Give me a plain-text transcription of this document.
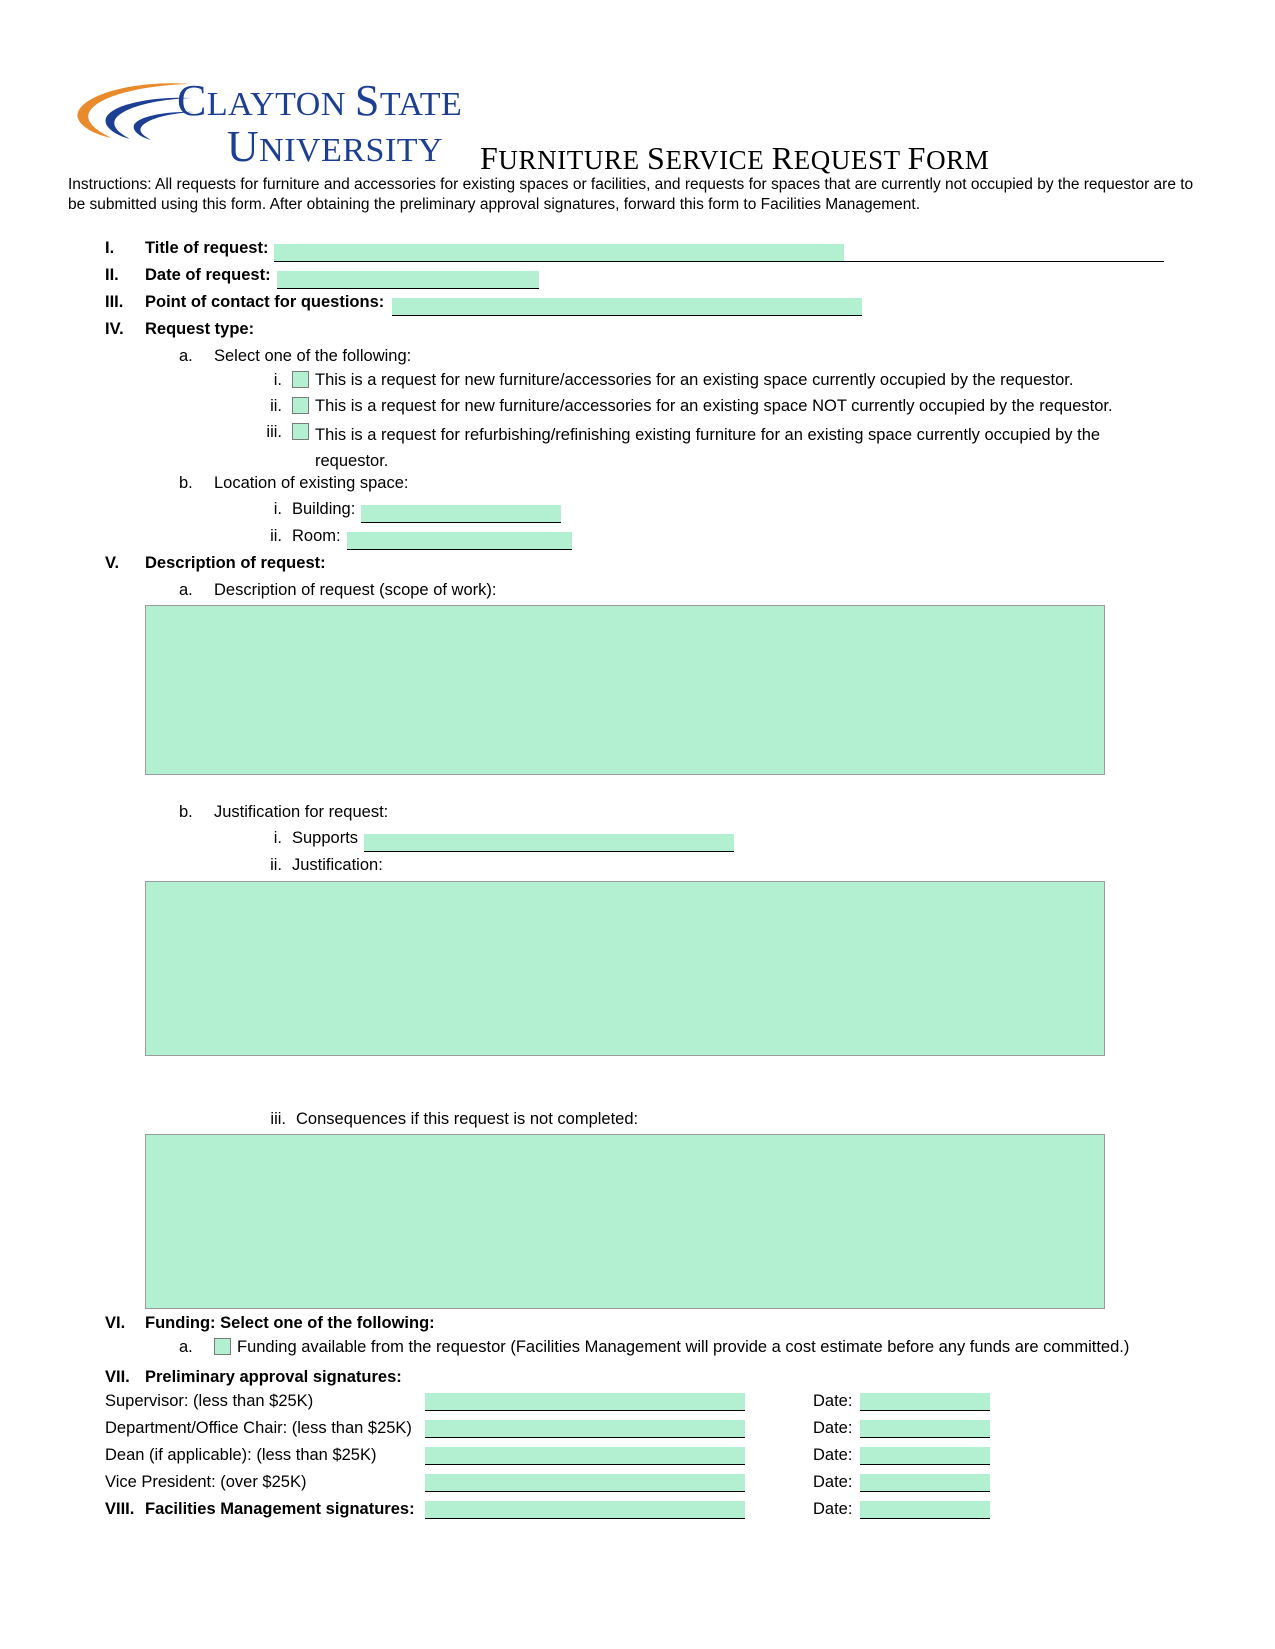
CLAYTON STATE
UNIVERSITY	FURNITURE SERVICE REQUEST FORM
Instructions: All requests for furniture and accessories for existing spaces or facilities, and requests for spaces that are currently not occupied by the requestor are to be submitted using this form. After obtaining the preliminary approval signatures, forward this form to Facilities Management.
I.	Title of request:
II.	Date of request:
III.	Point of contact for questions:
IV.	Request type:
a.	Select one of the following:
i.	This is a request for new furniture/accessories for an existing space currently occupied by the requestor.
ii.	This is a request for new furniture/accessories for an existing space NOT currently occupied by the requestor.
iii.	This is a request for refurbishing/refinishing existing furniture for an existing space currently occupied by the requestor.
b.	Location of existing space:
i. Building:
ii. Room:
V.	Description of request:
a.	Description of request (scope of work):
b.	Justification for request:
i. Supports
ii. Justification:
iii. Consequences if this request is not completed:
VI.	Funding: Select one of the following:
a.	Funding available from the requestor (Facilities Management will provide a cost estimate before any funds are committed.)
VII. Preliminary approval signatures:
Supervisor: (less than $25K)	Date:
Department/Office Chair: (less than $25K)	Date:
Dean (if applicable): (less than $25K)	Date:
Vice President: (over $25K)	Date:
VIII. Facilities Management signatures:	Date:
